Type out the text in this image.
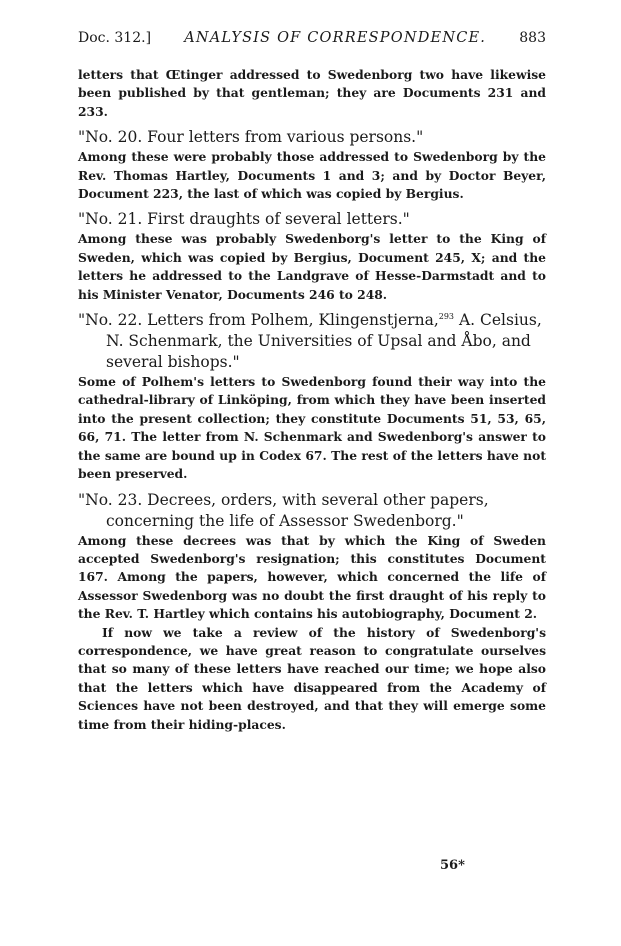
Doc. 312.] ANALYSIS OF CORRESPONDENCE. 883

letters that Œtinger addressed to Swedenborg two have likewise been published by that gentleman; they are Documents 231 and 233.

"No. 20. Four letters from various persons."

Among these were probably those addressed to Swedenborg by the Rev. Thomas Hartley, Documents 1 and 3; and by Doctor Beyer, Document 223, the last of which was copied by Bergius.

"No. 21. First draughts of several letters."

Among these was probably Swedenborg's letter to the King of Sweden, which was copied by Bergius, Document 245, X; and the letters he addressed to the Landgrave of Hesse-Darmstadt and to his Minister Venator, Documents 246 to 248.

"No. 22. Letters from Polhem, Klingenstjerna,$^{293}$ A. Celsius, N. Schenmark, the Universities of Upsal and Åbo, and several bishops."

Some of Polhem's letters to Swedenborg found their way into the cathedral-library of Linköping, from which they have been inserted into the present collection; they constitute Documents 51, 53, 65, 66, 71. The letter from N. Schenmark and Swedenborg's answer to the same are bound up in Codex 67. The rest of the letters have not been preserved.

"No. 23. Decrees, orders, with several other papers, concerning the life of Assessor Swedenborg."

Among these decrees was that by which the King of Sweden accepted Swedenborg's resignation; this constitutes Document 167. Among the papers, however, which concerned the life of Assessor Swedenborg was no doubt the first draught of his reply to the Rev. T. Hartley which contains his autobiography, Document 2.

If now we take a review of the history of Swedenborg's correspondence, we have great reason to congratulate ourselves that so many of these letters have reached our time; we hope also that the letters which have disappeared from the Academy of Sciences have not been destroyed, and that they will emerge some time from their hiding-places.

56*
